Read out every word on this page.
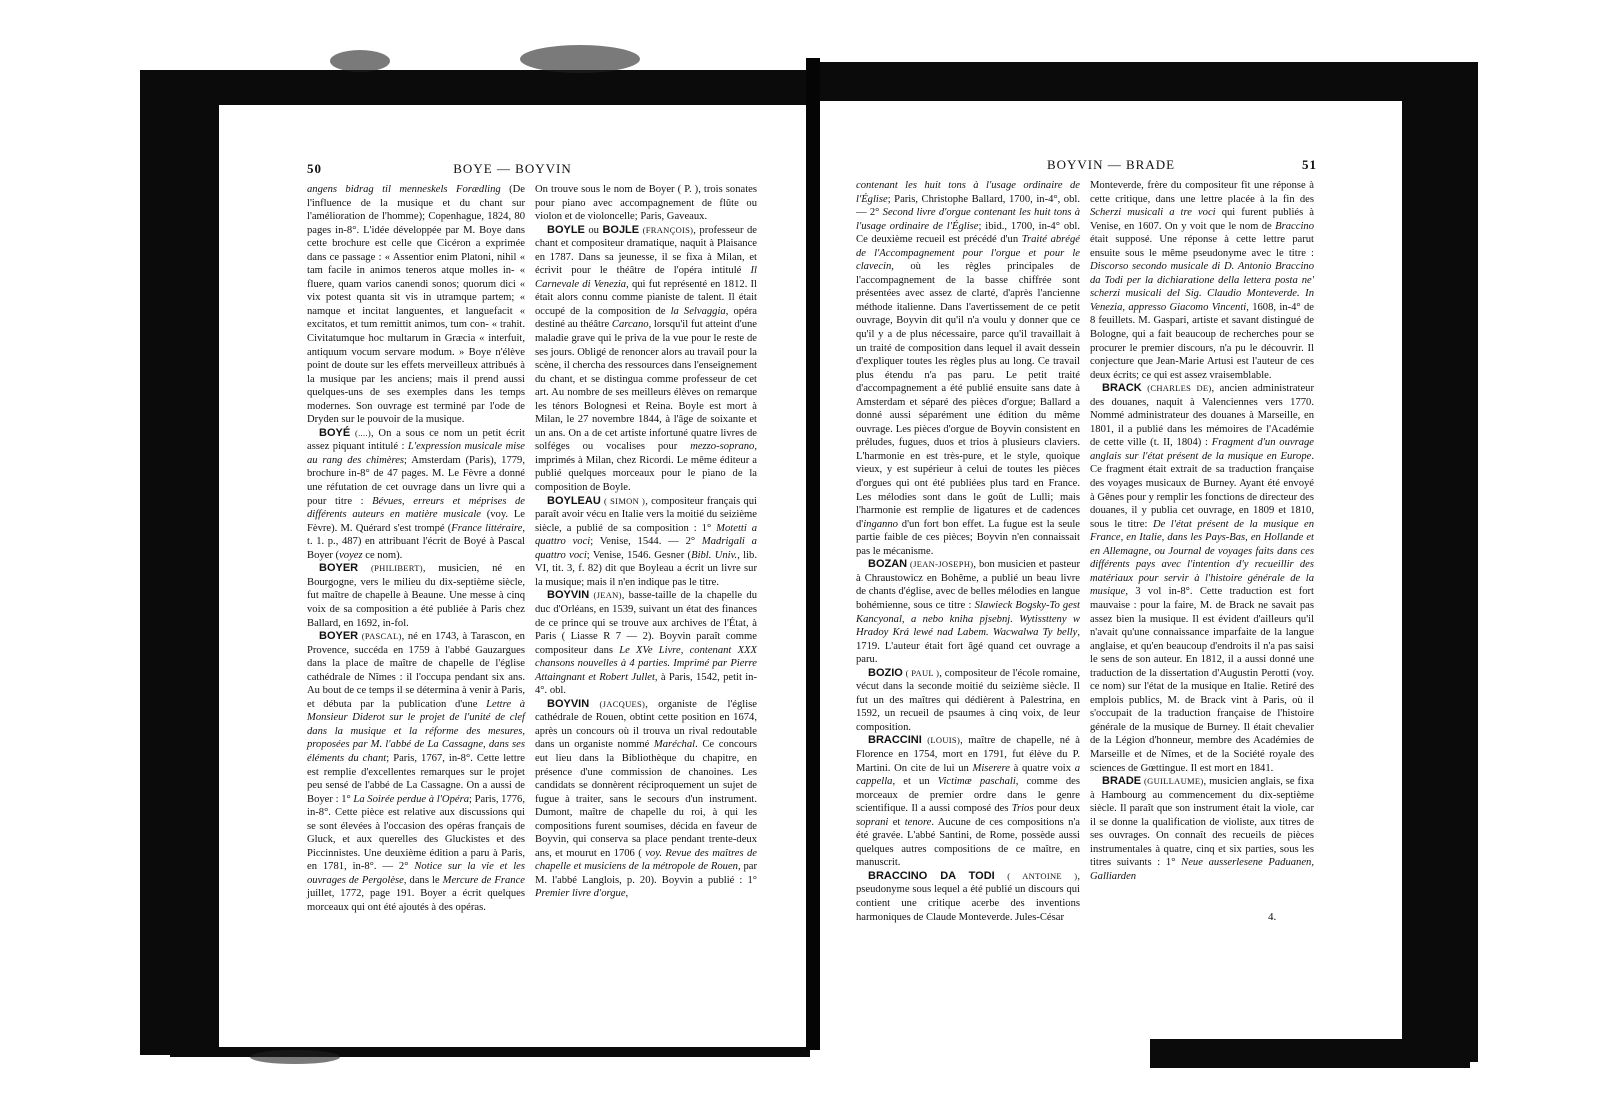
50	BOYE — BOYVIN

angens bidrag til menneskels Forædling (De l'influence de la musique et du chant sur l'amélioration de l'homme); Copenhague, 1824, 80 pages in-8°. L'idée développée par M. Boye dans cette brochure est celle que Cicéron a exprimée dans ce passage : « Assentior enim Platoni, nihil « tam facile in animos teneros atque molles in- « fluere, quam varios canendi sonos; quorum dici « vix potest quanta sit vis in utramque partem; « namque et incitat languentes, et languefacit « excitatos, et tum remittit animos, tum con- « trahit. Civitatumque hoc multarum in Græcia « interfuit, antiquum vocum servare modum. » Boye n'élève point de doute sur les effets merveilleux attribués à la musique par les anciens; mais il prend aussi quelques-uns de ses exemples dans les temps modernes. Son ouvrage est terminé par l'ode de Dryden sur le pouvoir de la musique.

BOYÉ (....), On a sous ce nom un petit écrit assez piquant intitulé : L'expression musicale mise au rang des chimères; Amsterdam (Paris), 1779, brochure in-8° de 47 pages. M. Le Fèvre a donné une réfutation de cet ouvrage dans un livre qui a pour titre : Bévues, erreurs et méprises de différents auteurs en matière musicale (voy. Le Fèvre). M. Quérard s'est trompé (France littéraire, t. 1. p., 487) en attribuant l'écrit de Boyé à Pascal Boyer (voyez ce nom).

BOYER (PHILIBERT), musicien, né en Bourgogne, vers le milieu du dix-septième siècle, fut maître de chapelle à Beaune. Une messe à cinq voix de sa composition a été publiée à Paris chez Ballard, en 1692, in-fol.

BOYER (PASCAL), né en 1743, à Tarascon, en Provence, succéda en 1759 à l'abbé Gauzargues dans la place de maître de chapelle de l'église cathédrale de Nîmes : il l'occupa pendant six ans. Au bout de ce temps il se détermina à venir à Paris, et débuta par la publication d'une Lettre à Monsieur Diderot sur le projet de l'unité de clef dans la musique et la réforme des mesures, proposées par M. l'abbé de La Cassagne, dans ses éléments du chant; Paris, 1767, in-8°. Cette lettre est remplie d'excellentes remarques sur le projet peu sensé de l'abbé de La Cassagne. On a aussi de Boyer : 1° La Soirée perdue à l'Opéra; Paris, 1776, in-8°. Cette pièce est relative aux discussions qui se sont élevées à l'occasion des opéras français de Gluck, et aux querelles des Gluckistes et des Piccinnistes. Une deuxième édition a paru à Paris, en 1781, in-8°. — 2° Notice sur la vie et les ouvrages de Pergolèse, dans le Mercure de France juillet, 1772, page 191. Boyer a écrit quelques morceaux qui ont été ajoutés à des opéras.

On trouve sous le nom de Boyer ( P. ), trois sonates pour piano avec accompagnement de flûte ou violon et de violoncelle; Paris, Gaveaux.

BOYLE ou BOJLE (FRANÇOIS), professeur de chant et compositeur dramatique, naquit à Plaisance en 1787. Dans sa jeunesse, il se fixa à Milan, et écrivit pour le théâtre de l'opéra intitulé Il Carnevale di Venezia, qui fut représenté en 1812. Il était alors connu comme pianiste de talent. Il était occupé de la composition de la Selvaggia, opéra destiné au théâtre Carcano, lorsqu'il fut atteint d'une maladie grave qui le priva de la vue pour le reste de ses jours. Obligé de renoncer alors au travail pour la scène, il chercha des ressources dans l'enseignement du chant, et se distingua comme professeur de cet art. Au nombre de ses meilleurs élèves on remarque les ténors Bolognesi et Reina. Boyle est mort à Milan, le 27 novembre 1844, à l'âge de soixante et un ans. On a de cet artiste infortuné quatre livres de solféges ou vocalises pour mezzo-soprano, imprimés à Milan, chez Ricordi. Le même éditeur a publié quelques morceaux pour le piano de la composition de Boyle.

BOYLEAU ( SIMON ), compositeur français qui paraît avoir vécu en Italie vers la moitié du seizième siècle, a publié de sa composition : 1° Motetti a quattro voci; Venise, 1544. — 2° Madrigali a quattro voci; Venise, 1546. Gesner (Bibl. Univ., lib. VI, tit. 3, f. 82) dit que Boyleau a écrit un livre sur la musique; mais il n'en indique pas le titre.

BOYVIN (JEAN), basse-taille de la chapelle du duc d'Orléans, en 1539, suivant un état des finances de ce prince qui se trouve aux archives de l'État, à Paris ( Liasse R 7 — 2). Boyvin paraît comme compositeur dans Le XVe Livre, contenant XXX chansons nouvelles à 4 parties. Imprimé par Pierre Attaingnant et Robert Jullet, à Paris, 1542, petit in-4°. obl.

BOYVIN (JACQUES), organiste de l'église cathédrale de Rouen, obtint cette position en 1674, après un concours où il trouva un rival redoutable dans un organiste nommé Maréchal. Ce concours eut lieu dans la Bibliothèque du chapitre, en présence d'une commission de chanoines. Les candidats se donnèrent réciproquement un sujet de fugue à traiter, sans le secours d'un instrument. Dumont, maître de chapelle du roi, à qui les compositions furent soumises, décida en faveur de Boyvin, qui conserva sa place pendant trente-deux ans, et mourut en 1706 ( voy. Revue des maîtres de chapelle et musiciens de la métropole de Rouen, par M. l'abbé Langlois, p. 20). Boyvin a publié : 1° Premier livre d'orgue,

BOYVIN — BRADE	51

contenant les huit tons à l'usage ordinaire de l'Église; Paris, Christophe Ballard, 1700, in-4°, obl. — 2° Second livre d'orgue contenant les huit tons à l'usage ordinaire de l'Église; ibid., 1700, in-4° obl. Ce deuxième recueil est précédé d'un Traité abrégé de l'Accompagnement pour l'orgue et pour le clavecin, où les règles principales de l'accompagnement de la basse chiffrée sont présentées avec assez de clarté, d'après l'ancienne méthode italienne. Dans l'avertissement de ce petit ouvrage, Boyvin dit qu'il n'a voulu y donner que ce qu'il y a de plus nécessaire, parce qu'il travaillait à un traité de composition dans lequel il avait dessein d'expliquer toutes les règles plus au long. Ce travail plus étendu n'a pas paru. Le petit traité d'accompagnement a été publié ensuite sans date à Amsterdam et séparé des pièces d'orgue; Ballard a donné aussi séparément une édition du même ouvrage. Les pièces d'orgue de Boyvin consistent en préludes, fugues, duos et trios à plusieurs claviers. L'harmonie en est très-pure, et le style, quoique vieux, y est supérieur à celui de toutes les pièces d'orgues qui ont été publiées plus tard en France. Les mélodies sont dans le goût de Lulli; mais l'harmonie est remplie de ligatures et de cadences d'inganno d'un fort bon effet. La fugue est la seule partie faible de ces pièces; Boyvin n'en connaissait pas le mécanisme.

BOZAN (JEAN-JOSEPH), bon musicien et pasteur à Chraustowicz en Bohême, a publié un beau livre de chants d'église, avec de belles mélodies en langue bohémienne, sous ce titre : Slawieck Bogsky-To gest Kancyonal, a nebo kniha pjsebnj. Wytisstteny w Hradoy Krá lewé nad Labem. Wacwalwa Ty belly, 1719. L'auteur était fort âgé quand cet ouvrage a paru.

BOZIO ( PAUL ), compositeur de l'école romaine, vécut dans la seconde moitié du seizième siècle. Il fut un des maîtres qui dédièrent à Palestrina, en 1592, un recueil de psaumes à cinq voix, de leur composition.

BRACCINI (LOUIS), maître de chapelle, né à Florence en 1754, mort en 1791, fut élève du P. Martini. On cite de lui un Miserere à quatre voix a cappella, et un Victimæ paschali, comme des morceaux de premier ordre dans le genre scientifique. Il a aussi composé des Trios pour deux soprani et tenore. Aucune de ces compositions n'a été gravée. L'abbé Santini, de Rome, possède aussi quelques autres compositions de ce maître, en manuscrit.

BRACCINO DA TODI ( ANTOINE ), pseudonyme sous lequel a été publié un discours qui contient une critique acerbe des inventions harmoniques de Claude Monteverde. Jules-César

Monteverde, frère du compositeur fit une réponse à cette critique, dans une lettre placée à la fin des Scherzi musicali a tre voci qui furent publiés à Venise, en 1607. On y voit que le nom de Braccino était supposé. Une réponse à cette lettre parut ensuite sous le même pseudonyme avec le titre : Discorso secondo musicale di D. Antonio Braccino da Todi per la dichiaratione della lettera posta ne' scherzi musicali del Sig. Claudio Monteverde. In Venezia, appresso Giacomo Vincenti, 1608, in-4° de 8 feuillets. M. Gaspari, artiste et savant distingué de Bologne, qui a fait beaucoup de recherches pour se procurer le premier discours, n'a pu le découvrir. Il conjecture que Jean-Marie Artusi est l'auteur de ces deux écrits; ce qui est assez vraisemblable.

BRACK (CHARLES DE), ancien administrateur des douanes, naquit à Valenciennes vers 1770. Nommé administrateur des douanes à Marseille, en 1801, il a publié dans les mémoires de l'Académie de cette ville (t. II, 1804) : Fragment d'un ouvrage anglais sur l'état présent de la musique en Europe. Ce fragment était extrait de sa traduction française des voyages musicaux de Burney. Ayant été envoyé à Gênes pour y remplir les fonctions de directeur des douanes, il y publia cet ouvrage, en 1809 et 1810, sous le titre: De l'état présent de la musique en France, en Italie, dans les Pays-Bas, en Hollande et en Allemagne, ou Journal de voyages faits dans ces différents pays avec l'intention d'y recueillir des matériaux pour servir à l'histoire générale de la musique, 3 vol in-8°. Cette traduction est fort mauvaise : pour la faire, M. de Brack ne savait pas assez bien la musique. Il est évident d'ailleurs qu'il n'avait qu'une connaissance imparfaite de la langue anglaise, et qu'en beaucoup d'endroits il n'a pas saisi le sens de son auteur. En 1812, il a aussi donné une traduction de la dissertation d'Augustin Perotti (voy. ce nom) sur l'état de la musique en Italie. Retiré des emplois publics, M. de Brack vint à Paris, où il s'occupait de la traduction française de l'histoire générale de la musique de Burney. Il était chevalier de la Légion d'honneur, membre des Académies de Marseille et de Nîmes, et de la Société royale des sciences de Gœttingue. Il est mort en 1841.

BRADE (GUILLAUME), musicien anglais, se fixa à Hambourg au commencement du dix-septième siècle. Il paraît que son instrument était la viole, car il se donne la qualification de violiste, aux titres de ses ouvrages. On connaît des recueils de pièces instrumentales à quatre, cinq et six parties, sous les titres suivants : 1° Neue ausserlesene Paduanen, Galliarden

4.
